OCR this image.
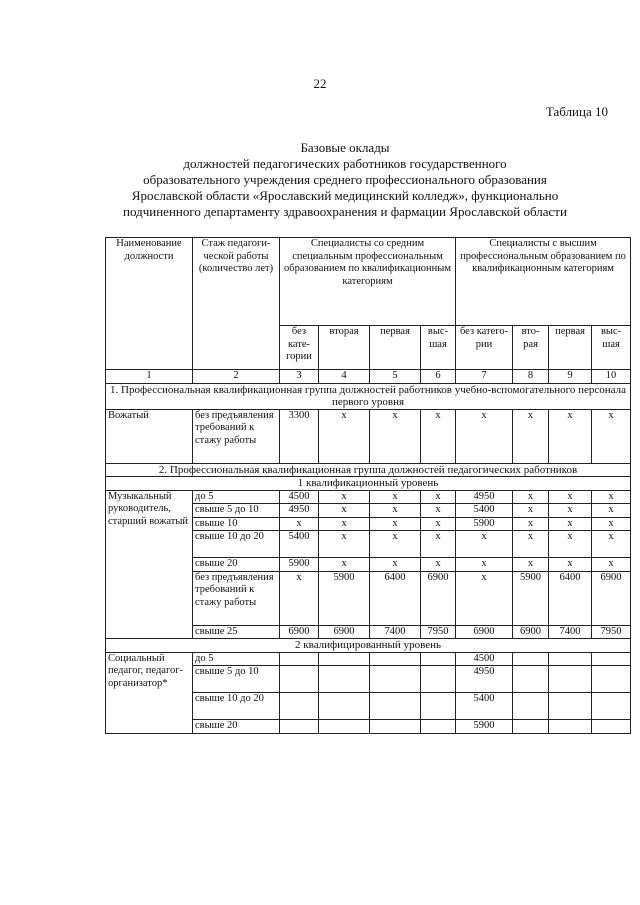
22
Таблица 10
Базовые оклады
должностей педагогических работников государственного
образовательного учреждения среднего профессионального образования
Ярославской области «Ярославский медицинский колледж», функционально
подчиненного департаменту здравоохранения и фармации Ярославской области
Наименование должности	Стаж педагоги-ческой работы (количество лет)	Специалисты со средним специальным профессиональным образованием по квалификационным категориям				Специалисты с высшим профессиональным образованием по квалификационным категориям			
		без кате-гории	вторая	первая	выс-шая	без катего-рии	вто-рая	первая	выс-шая
1	2	3	4	5	6	7	8	9	10
1. Профессиональная квалификационная группа должностей работников учебно-вспомогательного персонала первого уровня									
Вожатый	без предъявления требований к стажу работы	3300	х	х	х	х	х	х	х
2. Профессиональная квалификационная группа должностей педагогических работников									
1 квалификационный уровень									
Музыкальный руководитель, старший вожатый	до 5	4500	х	х	х	4950	х	х	х
	свыше 5 до 10	4950	х	х	х	5400	х	х	х
	свыше 10	х	х	х	х	5900	х	х	х
	свыше 10 до 20	5400	х	х	х	х	х	х	х
	свыше 20	5900	х	х	х	х	х	х	х
	без предъявления требований к стажу работы	х	5900	6400	6900	х	5900	6400	6900
	свыше 25	6900	6900	7400	7950	6900	6900	7400	7950
2 квалифицированный уровень									
Социальный педагог, педагог-организатор*	до 5					4500			
	свыше 5 до 10					4950			
	свыше 10 до 20					5400			
	свыше 20					5900			
